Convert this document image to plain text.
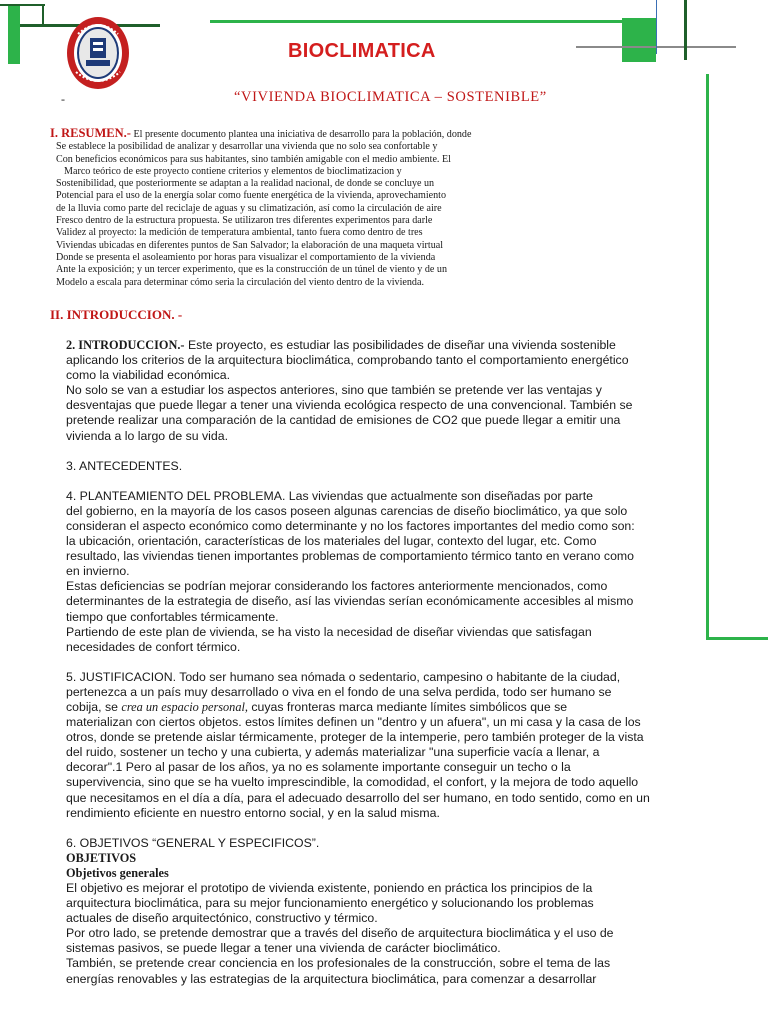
BIOCLIMATICA
-	“VIVIENDA BIOCLIMATICA – SOSTENIBLE”
I. RESUMEN.- El presente documento plantea una iniciativa de desarrollo para la población, donde
Se establece la posibilidad de analizar y desarrollar una vivienda que no solo sea confortable y
Con beneficios económicos para sus habitantes, sino también amigable con el medio ambiente. El
Marco teórico de este proyecto contiene criterios y elementos de bioclimatizacion y
Sostenibilidad, que posteriormente se adaptan a la realidad nacional, de donde se concluye un
Potencial para el uso de la energía solar como fuente energética de la vivienda, aprovechamiento
de la lluvia como parte del reciclaje de aguas y su climatización, así como la circulación de aire
Fresco dentro de la estructura propuesta. Se utilizaron tres diferentes experimentos para darle
Validez al proyecto: la medición de temperatura ambiental, tanto fuera como dentro de tres
Viviendas ubicadas en diferentes puntos de San Salvador; la elaboración de una maqueta virtual
Donde se presenta el asoleamiento por horas para visualizar el comportamiento de la vivienda
Ante la exposición; y un tercer experimento, que es la construcción de un túnel de viento y de un
Modelo a escala para determinar cómo seria la circulación del viento dentro de la vivienda.
II. INTRODUCCION. -
2. INTRODUCCION.- Este proyecto, es estudiar las posibilidades de diseñar una vivienda sostenible
aplicando los criterios de la arquitectura bioclimática, comprobando tanto el comportamiento energético
como la viabilidad económica.
No solo se van a estudiar los aspectos anteriores, sino que también se pretende ver las ventajas y
desventajas que puede llegar a tener una vivienda ecológica respecto de una convencional. También se
pretende realizar una comparación de la cantidad de emisiones de CO2 que puede llegar a emitir una
vivienda a lo largo de su vida.
3. ANTECEDENTES.
4. PLANTEAMIENTO DEL PROBLEMA. Las viviendas que actualmente son diseñadas por parte
del gobierno, en la mayoría de los casos poseen algunas carencias de diseño bioclimático, ya que solo
consideran el aspecto económico como determinante y no los factores importantes del medio como son:
la ubicación, orientación, características de los materiales del lugar, contexto del lugar, etc. Como
resultado, las viviendas tienen importantes problemas de comportamiento térmico tanto en verano como
en invierno.
Estas deficiencias se podrían mejorar considerando los factores anteriormente mencionados, como
determinantes de la estrategia de diseño, así las viviendas serían económicamente accesibles al mismo
tiempo que confortables térmicamente.
Partiendo de este plan de vivienda, se ha visto la necesidad de diseñar viviendas que satisfagan
necesidades de confort térmico.
5. JUSTIFICACION. Todo ser humano sea nómada o sedentario, campesino o habitante de la ciudad,
pertenezca a un país muy desarrollado o viva en el fondo de una selva perdida, todo ser humano se
cobija, se crea un espacio personal, cuyas fronteras marca mediante límites simbólicos que se
materializan con ciertos objetos. estos límites definen un "dentro y un afuera", un mi casa y la casa de los
otros, donde se pretende aislar térmicamente, proteger de la intemperie, pero también proteger de la vista
del ruido, sostener un techo y una cubierta, y además materializar "una superficie vacía a llenar, a
decorar".1 Pero al pasar de los años, ya no es solamente importante conseguir un techo o la
supervivencia, sino que se ha vuelto imprescindible, la comodidad, el confort, y la mejora de todo aquello
que necesitamos en el día a día, para el adecuado desarrollo del ser humano, en todo sentido, como en un
rendimiento eficiente en nuestro entorno social, y en la salud misma.
6. OBJETIVOS “GENERAL Y ESPECIFICOS”.
OBJETIVOS
Objetivos generales
El objetivo es mejorar el prototipo de vivienda existente, poniendo en práctica los principios de la
arquitectura bioclimática, para su mejor funcionamiento energético y solucionando los problemas
actuales de diseño arquitectónico, constructivo y térmico.
Por otro lado, se pretende demostrar que a través del diseño de arquitectura bioclimática y el uso de
sistemas pasivos, se puede llegar a tener una vivienda de carácter bioclimático.
También, se pretende crear conciencia en los profesionales de la construcción, sobre el tema de las
energías renovables y las estrategias de la arquitectura bioclimática, para comenzar a desarrollar
